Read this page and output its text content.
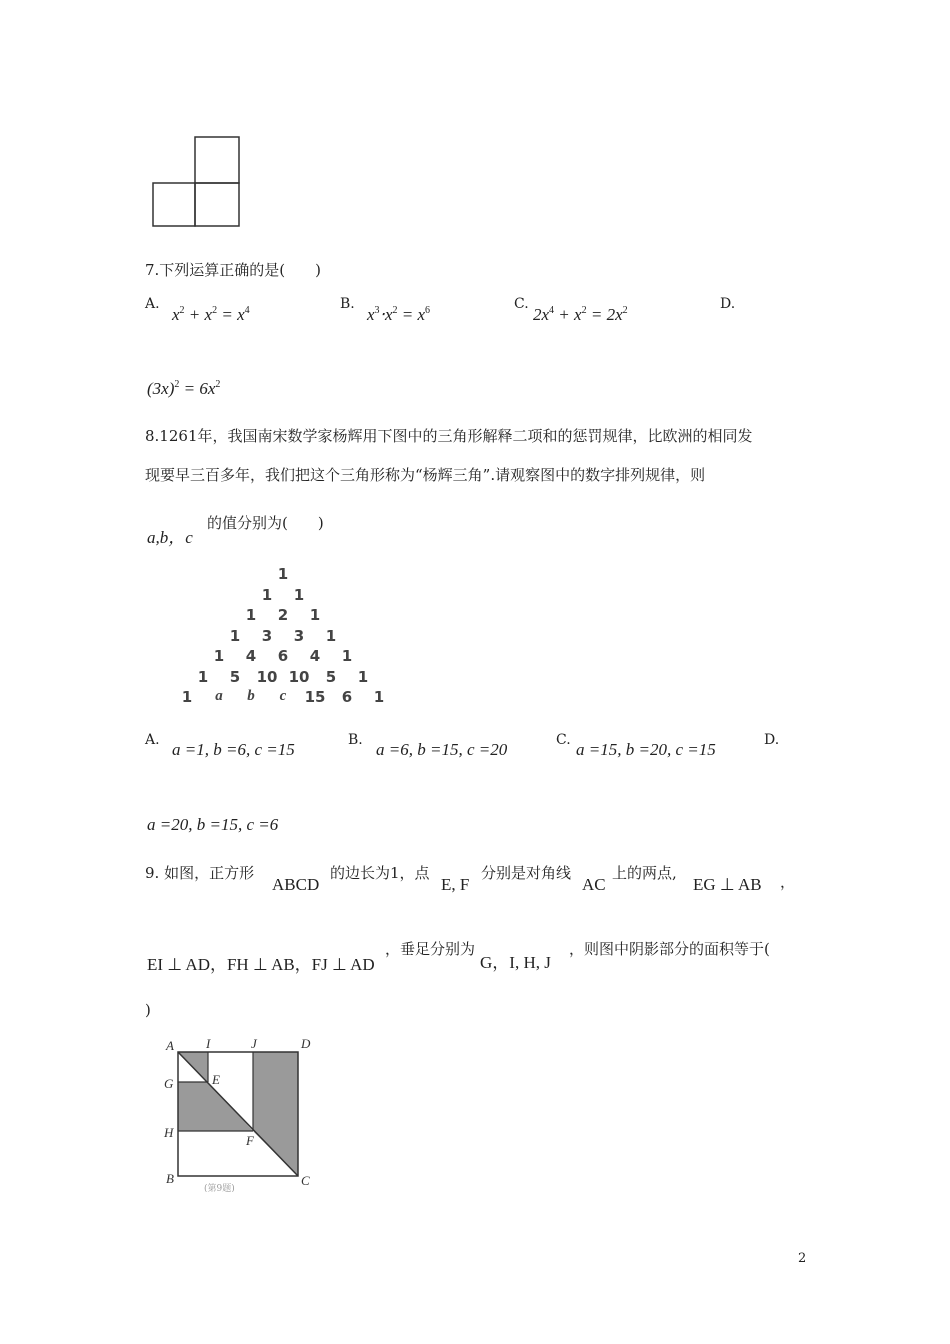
7.下列运算正确的是(　　)
A.
$x^2 + x^2 = x^4$	B.
$x^3\cdot x^2 = x^6$	C.
$2x^4 + x^2 = 2x^2$	D.
$(3x)^2 = 6x^2$
8.1261年，我国南宋数学家杨辉用下图中的三角形解释二项和的惩罚规律，比欧洲的相同发
现要早三百多年，我们把这个三角形称为“杨辉三角”.请观察图中的数字排列规律，则
a,b，c
的值分别为(　　)
1
1	1
1	2	1
1	3	3	1
1	4	6	4	1
1	5	10 10	5	1
1	a	b	c	15	6	1
A. a =1, b =6, c =15	B. a =6, b =15, c =20	C. a =15, b =20, c =15	D.
a =20, b =15, c =6
9. 如图，正方形
ABCD
的边长为1，点
E, F
分别是对角线
AC
上的两点,
EG ⊥ AB ，
EI ⊥ AD，FH ⊥ AB，FJ ⊥ AD
，垂足分别为
G，I, H, J
，则图中阴影部分的面积等于(
)
A I	J	D
G	E
H
F
B	C
(第9题)
2
